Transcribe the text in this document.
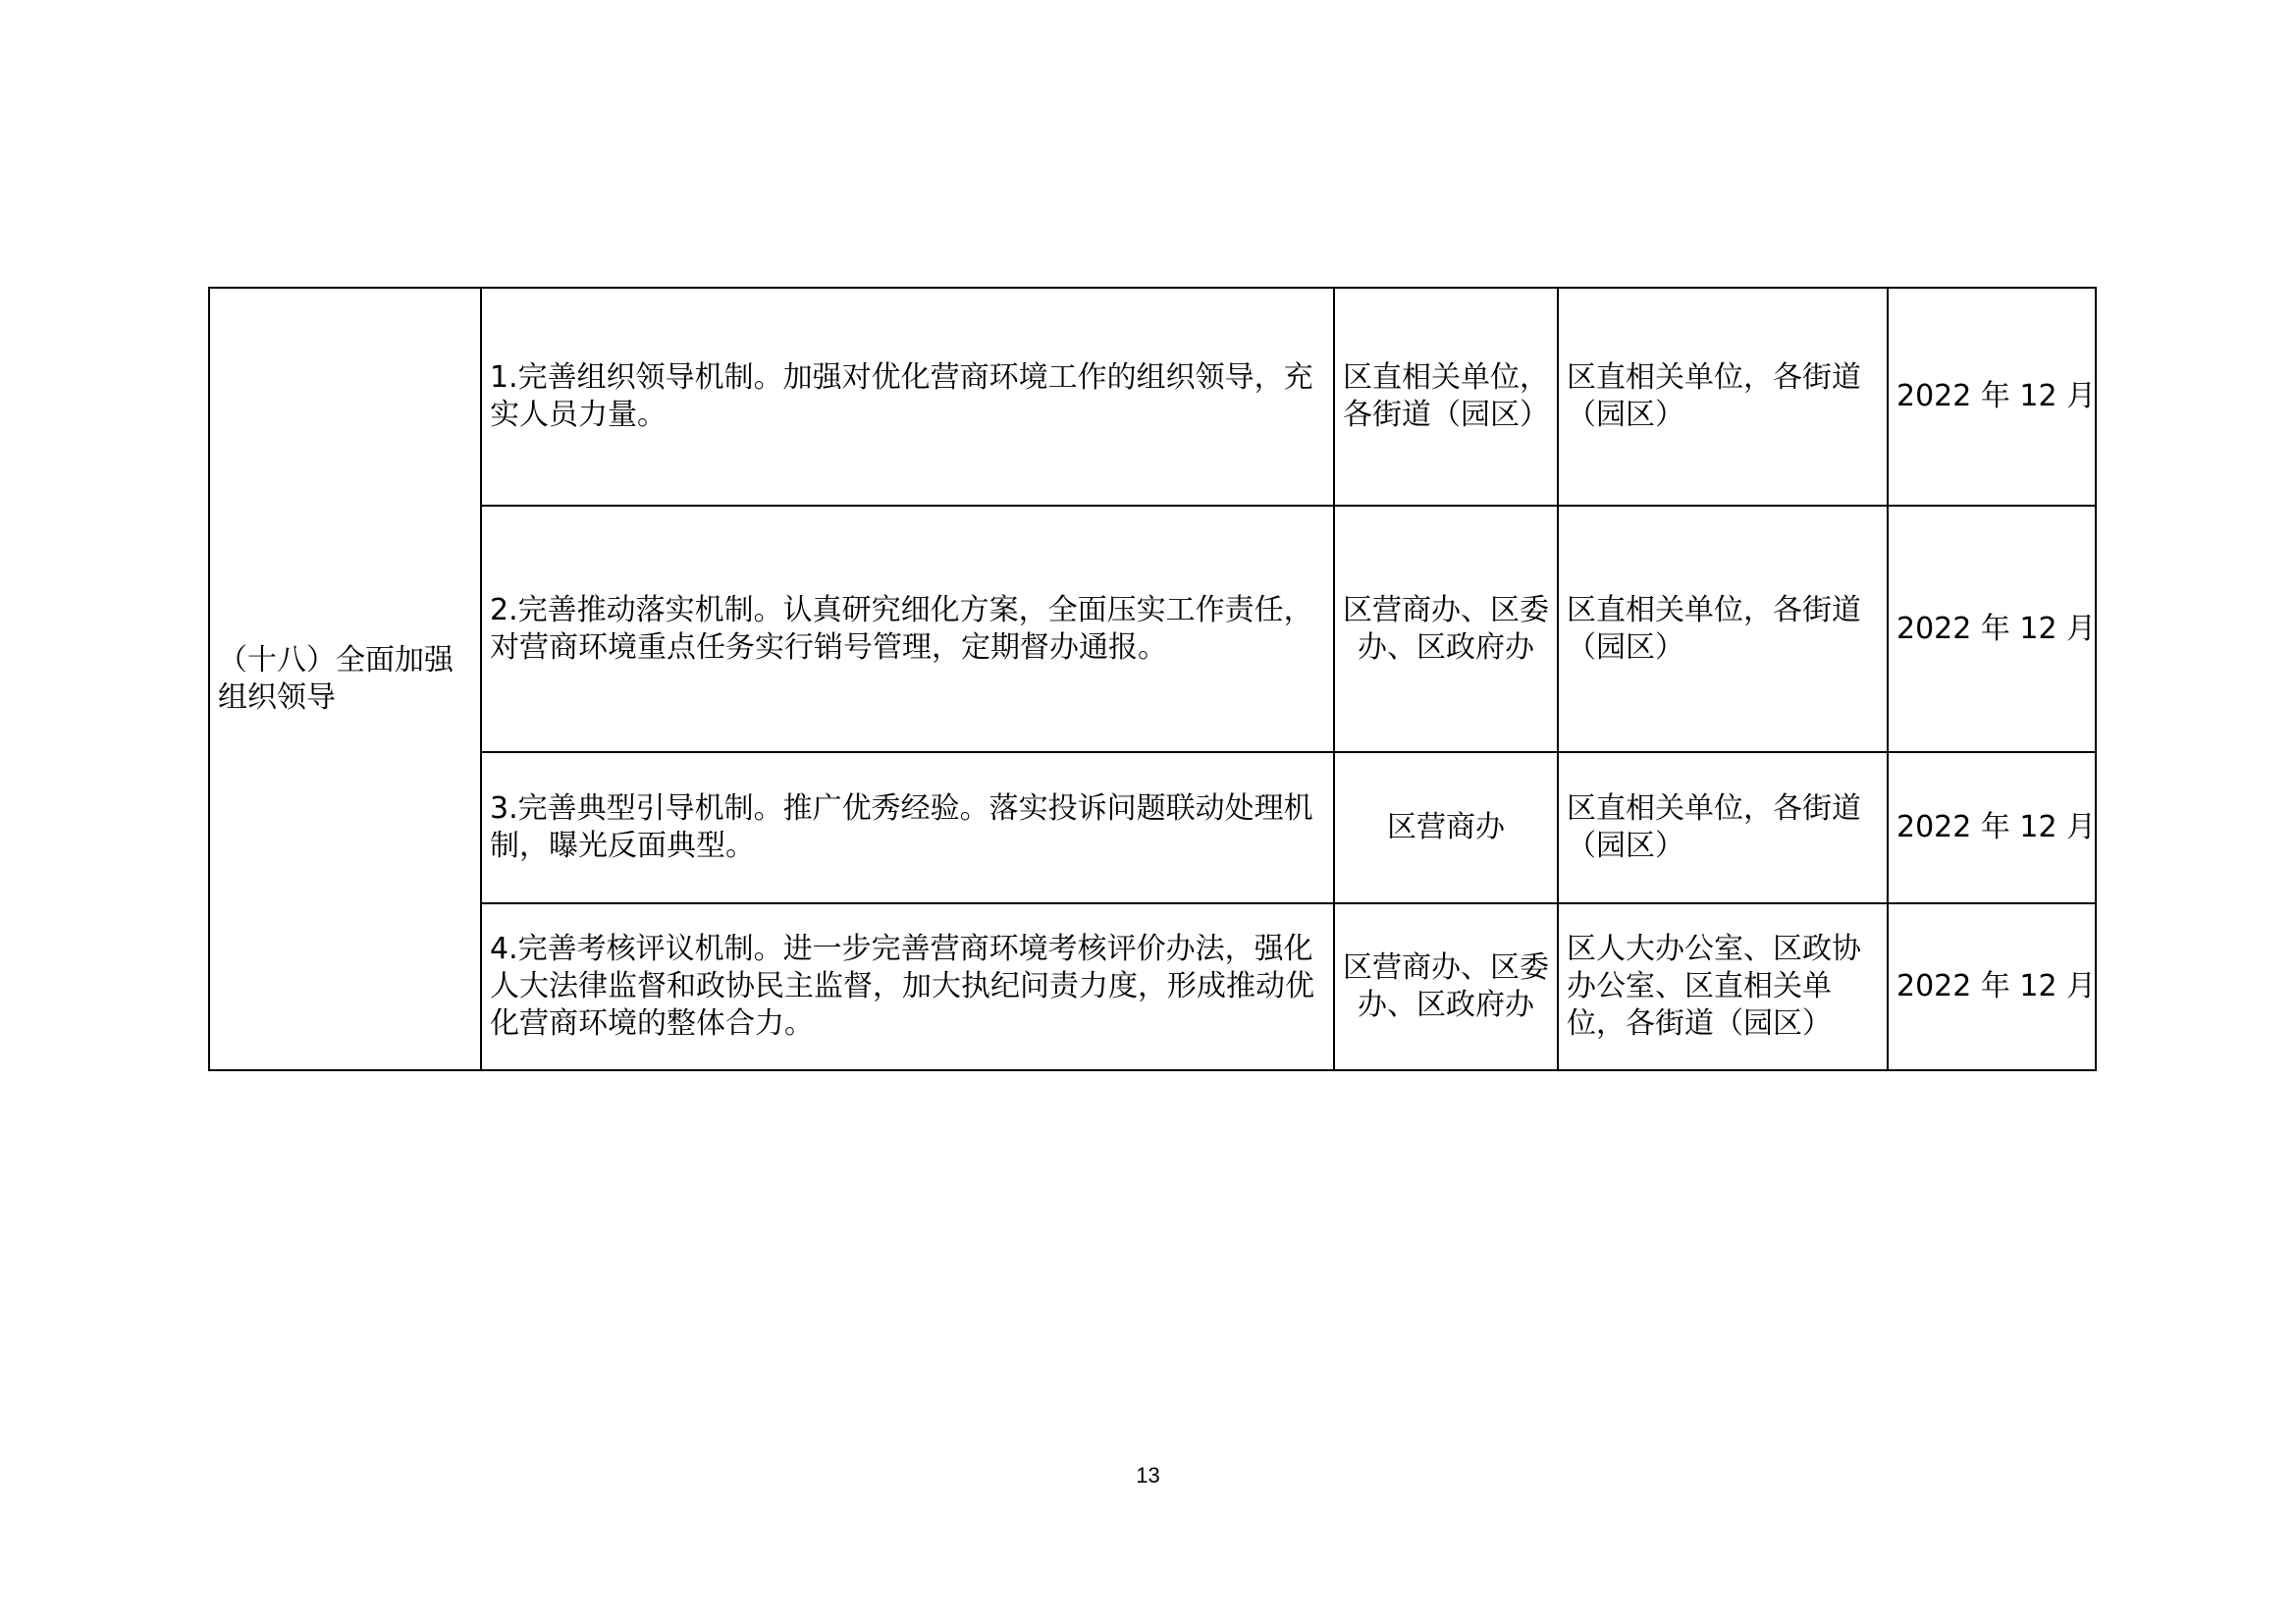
（十八）全面加强组织领导	1.完善组织领导机制。加强对优化营商环境工作的组织领导，充实人员力量。	区直相关单位，各街道（园区）	区直相关单位，各街道（园区）	2022 年 12 月
	2.完善推动落实机制。认真研究细化方案，全面压实工作责任，对营商环境重点任务实行销号管理，定期督办通报。	区营商办、区委办、区政府办	区直相关单位，各街道（园区）	2022 年 12 月
	3.完善典型引导机制。推广优秀经验。落实投诉问题联动处理机制，曝光反面典型。	区营商办	区直相关单位，各街道（园区）	2022 年 12 月
	4.完善考核评议机制。进一步完善营商环境考核评价办法，强化人大法律监督和政协民主监督，加大执纪问责力度，形成推动优化营商环境的整体合力。	区营商办、区委办、区政府办	区人大办公室、区政协办公室、区直相关单位，各街道（园区）	2022 年 12 月
13
